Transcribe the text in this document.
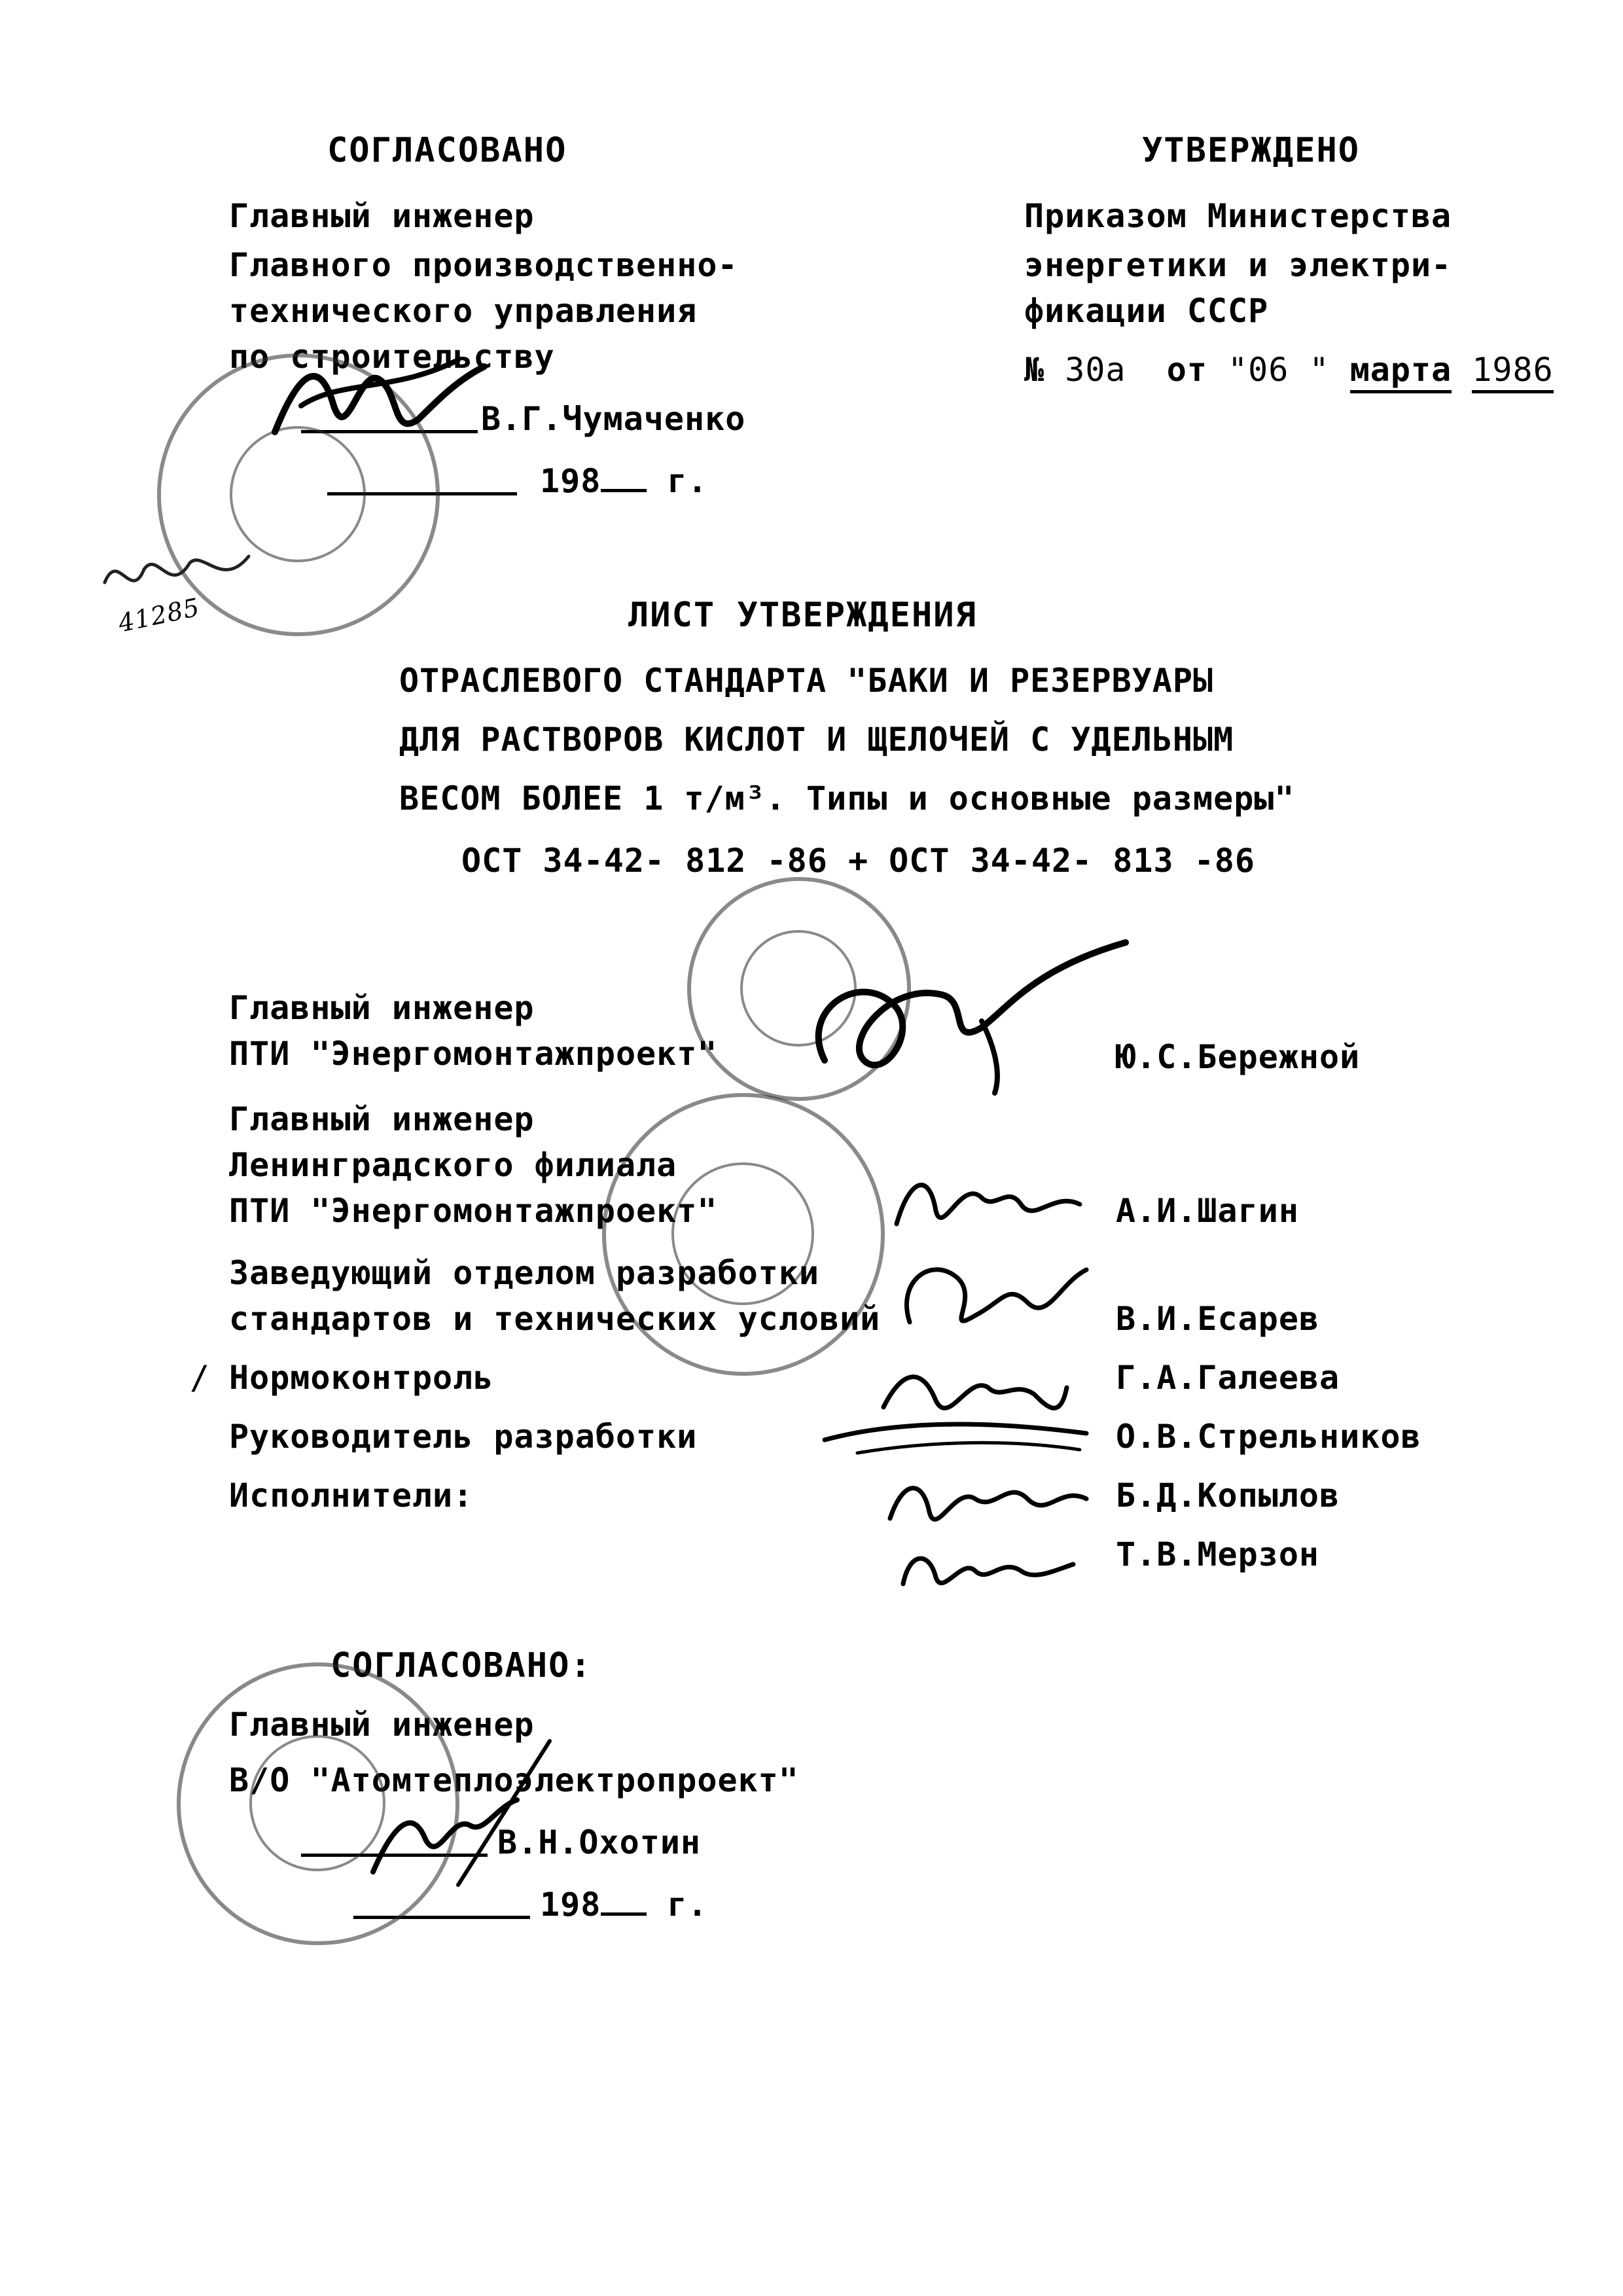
СОГЛАСОВАНО
Главный инженер
Главного производственно-
технического управления
по строительству
В.Г.Чумаченко
198 г.
41285
УТВЕРЖДЕНО
Приказом Министерства
энергетики и электри-
фикации СССР
№ 30а от "06 " марта 1986
ЛИСТ УТВЕРЖДЕНИЯ
ОТРАСЛЕВОГО СТАНДАРТА "БАКИ И РЕЗЕРВУАРЫ
ДЛЯ РАСТВОРОВ КИСЛОТ И ЩЕЛОЧЕЙ С УДЕЛЬНЫМ
ВЕСОМ БОЛЕЕ 1 т/м³. Типы и основные размеры"
ОСТ 34-42- 812 -86 + ОСТ 34-42- 813 -86
Главный инженер
ПТИ "Энергомонтажпроект"	Ю.С.Бережной
Главный инженер
Ленинградского филиала
ПТИ "Энергомонтажпроект"	А.И.Шагин
Заведующий отделом разработки
стандартов и технических условий	В.И.Есарев
/ Нормоконтроль	Г.А.Галеева
Руководитель разработки	О.В.Стрельников
Исполнители:	Б.Д.Копылов
Т.В.Мерзон
СОГЛАСОВАНО:
Главный инженер
В/О "Атомтеплоэлектропроект"
В.Н.Охотин
198 г.
